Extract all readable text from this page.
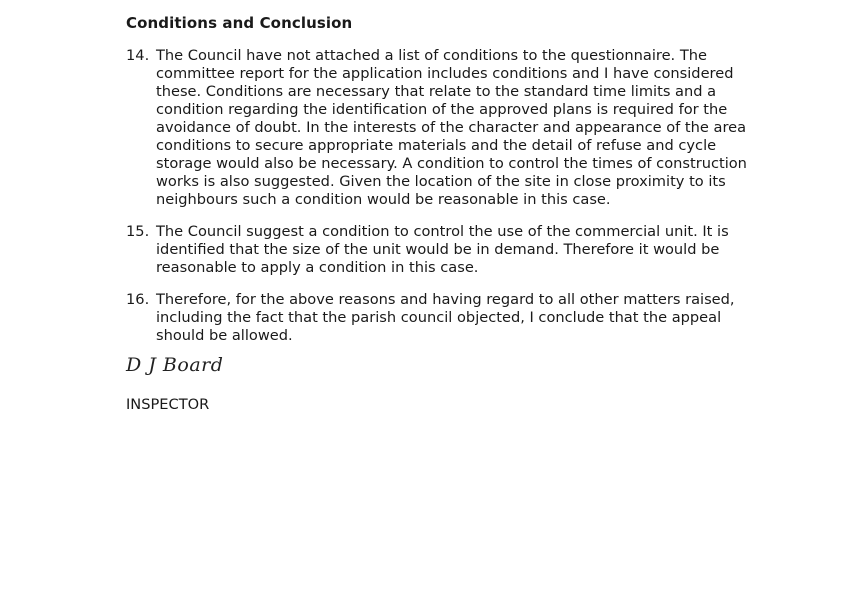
Conditions and Conclusion
14. The Council have not attached a list of conditions to the questionnaire. The committee report for the application includes conditions and I have considered these. Conditions are necessary that relate to the standard time limits and a condition regarding the identification of the approved plans is required for the avoidance of doubt. In the interests of the character and appearance of the area conditions to secure appropriate materials and the detail of refuse and cycle storage would also be necessary. A condition to control the times of construction works is also suggested. Given the location of the site in close proximity to its neighbours such a condition would be reasonable in this case.
15. The Council suggest a condition to control the use of the commercial unit. It is identified that the size of the unit would be in demand. Therefore it would be reasonable to apply a condition in this case.
16. Therefore, for the above reasons and having regard to all other matters raised, including the fact that the parish council objected, I conclude that the appeal should be allowed.
D J Board
INSPECTOR
